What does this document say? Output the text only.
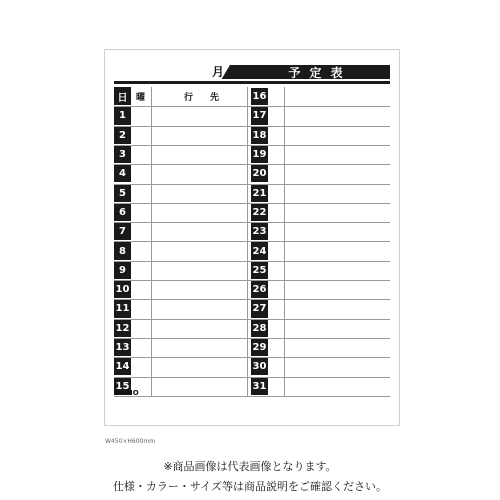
月	予定表
日 曜	行　先
1
2
3
4
5
6
7
8
9
10
11
12
13
14
15
16
17
18
19
20
21
22
23
24
25
26
27
28
29
30
31
MEMO
W450×H600mm
※商品画像は代表画像となります。
仕様・カラー・サイズ等は商品説明をご確認ください。
